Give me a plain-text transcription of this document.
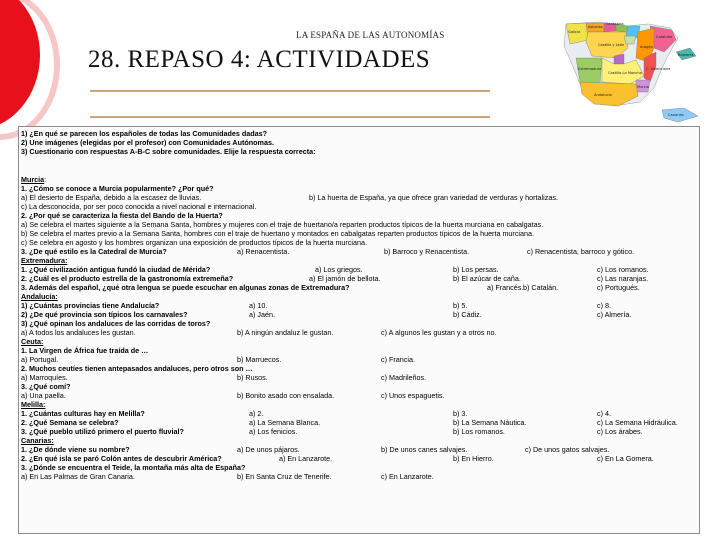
LA ESPAÑA DE LAS AUTONOMÍAS
28. REPASO 4: ACTIVIDADES
Galicia
Asturias
Cantabria
Cataluña
Castilla y León	Aragón
Extremadura
Castilla-La Mancha
C. Valenciana
Baleares
Murcia
Andalucía
Canarias
1) ¿En qué se parecen los españoles de todas las Comunidades dadas?
2) Une imágenes (elegidas por el profesor) con Comunidades Autónomas.
3) Cuestionario con respuestas A-B-C sobre comunidades. Elije la respuesta correcta:
Murcia:
1. ¿Cómo se conoce a Murcia popularmente? ¿Por qué?
a) El desierto de España, debido a la escasez de lluvias.	b) La huerta de España, ya que ofrece gran variedad de verduras y hortalizas.
c) La desconocida, por ser poco conocida a nivel nacional e internacional.
2. ¿Por qué se caracteriza la fiesta del Bando de la Huerta?
a) Se celebra el martes siguiente a la Semana Santa, hombres y mujeres con el traje de huertano/a reparten productos típicos de la huerta murciana en cabalgatas.
b) Se celebra el martes previo a la Semana Santa, hombres con el traje de huertano y montados en cabalgatas reparten productos típicos de la huerta murciana.
c) Se celebra en agosto y los hombres organizan una exposición de productos típicos de la huerta murciana.
3. ¿De qué estilo es la Catedral de Murcia?	a) Renacentista.	b) Barroco y Renacentista.	c) Renacentista, barroco y gótico.
Extremadura:
1. ¿Qué civilización antigua fundó la ciudad de Mérida?	a) Los griegos.	b) Los persas.	c) Los romanos.
2. ¿Cuál es el producto estrella de la gastronomía extremeña?	a) El jamón de bellota.	b) El azúcar de caña.	c) Las naranjas.
3. Además del español, ¿qué otra lengua se puede escuchar en algunas zonas de Extremadura?	a) Francés. b) Catalán.	c) Portugués.
Andalucía:
1) ¿Cuántas provincias tiene Andalucía?	a) 10.	b) 5.	c) 8.
2) ¿De qué provincia son típicos los carnavales?	a) Jaén.	b) Cádiz.	c) Almería.
3) ¿Qué opinan los andaluces de las corridas de toros?
a) A todos los andaluces les gustan.	b) A ningún andaluz le gustan.	c) A algunos les gustan y a otros no.
Ceuta:
1. La Virgen de África fue traída de …
a) Portugal.	b) Marruecos.	c) Francia.
2. Muchos ceutíes tienen antepasados andaluces, pero otros son …
a) Marroquíes.	b) Rusos.	c) Madrileños.
3. ¿Qué comí?
a) Una paella.	b) Bonito asado con ensalada.	c) Unos espaguetis.
Melilla:
1. ¿Cuántas culturas hay en Melilla?	a) 2.	b) 3.	c) 4.
2. ¿Qué Semana se celebra?	a) La Semana Blanca.	b) La Semana Náutica.	c) La Semana Hidráulica.
3. ¿Qué pueblo utilizó primero el puerto fluvial?	a) Los fenicios.	b) Los romanos.	c) Los árabes.
Canarias:
1. ¿De dónde viene su nombre?	a) De unos pájaros.	b) De unos canes salvajes.	c) De unos gatos salvajes.
2. ¿En qué isla se paró Colón antes de descubrir América?	a) En Lanzarote.	b) En Hierro.	c) En La Gomera.
3. ¿Dónde se encuentra el Teide, la montaña más alta de España?
a) En Las Palmas de Gran Canaria.	b) En Santa Cruz de Tenerife.	c) En Lanzarote.
